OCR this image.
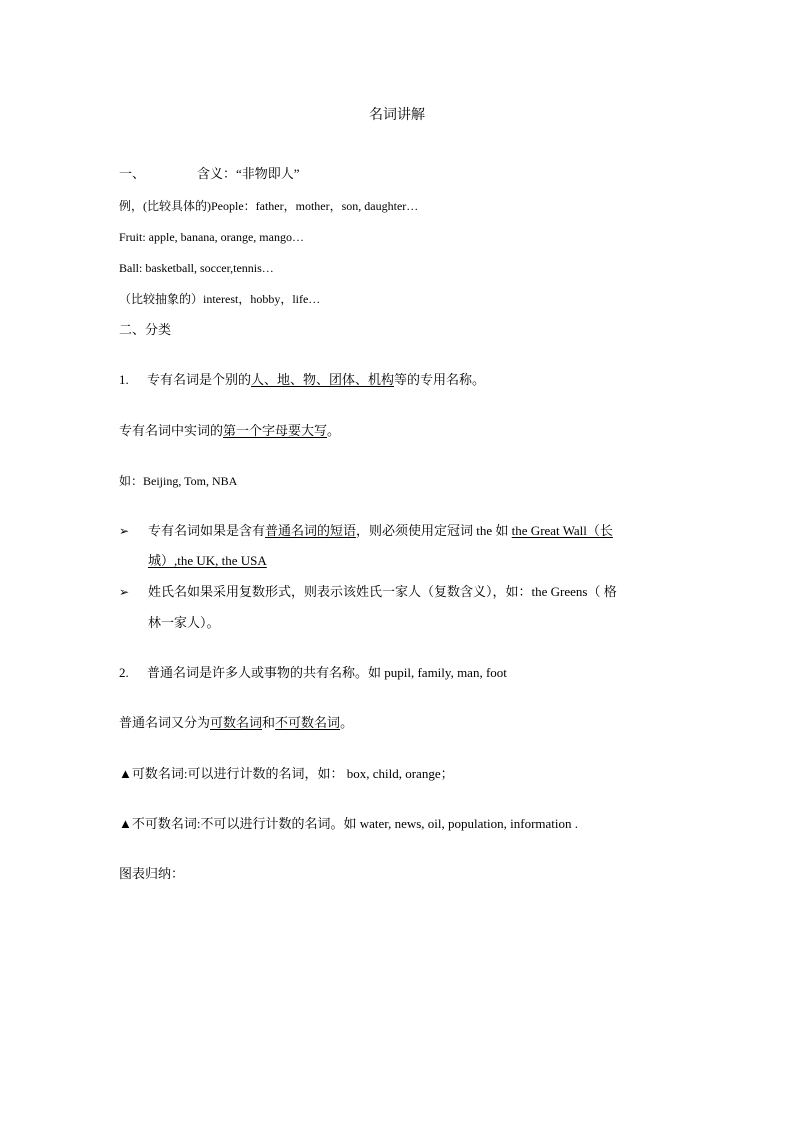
名词讲解
一、	含义：“非物即人”
例，(比较具体的)People：father，mother，son, daughter…
Fruit: apple, banana, orange, mango…
Ball: basketball, soccer,tennis…
（比较抽象的）interest，hobby，life…
二、分类
1. 专有名词是个别的人、地、物、团体、机构等的专用名称。
专有名词中实词的第一个字母要大写。
如：Beijing, Tom, NBA
➢ 专有名词如果是含有普通名词的短语，则必须使用定冠词 the 如 the Great Wall（长
城）,the UK, the USA
➢ 姓氏名如果采用复数形式，则表示该姓氏一家人（复数含义），如：the Greens（ 格
林一家人）。
2. 普通名词是许多人或事物的共有名称。如 pupil, family, man, foot
普通名词又分为可数名词和不可数名词。
▲可数名词:可以进行计数的名词，如： box, child, orange；
▲不可数名词:不可以进行计数的名词。如 water, news, oil, population, information .
图表归纳：
